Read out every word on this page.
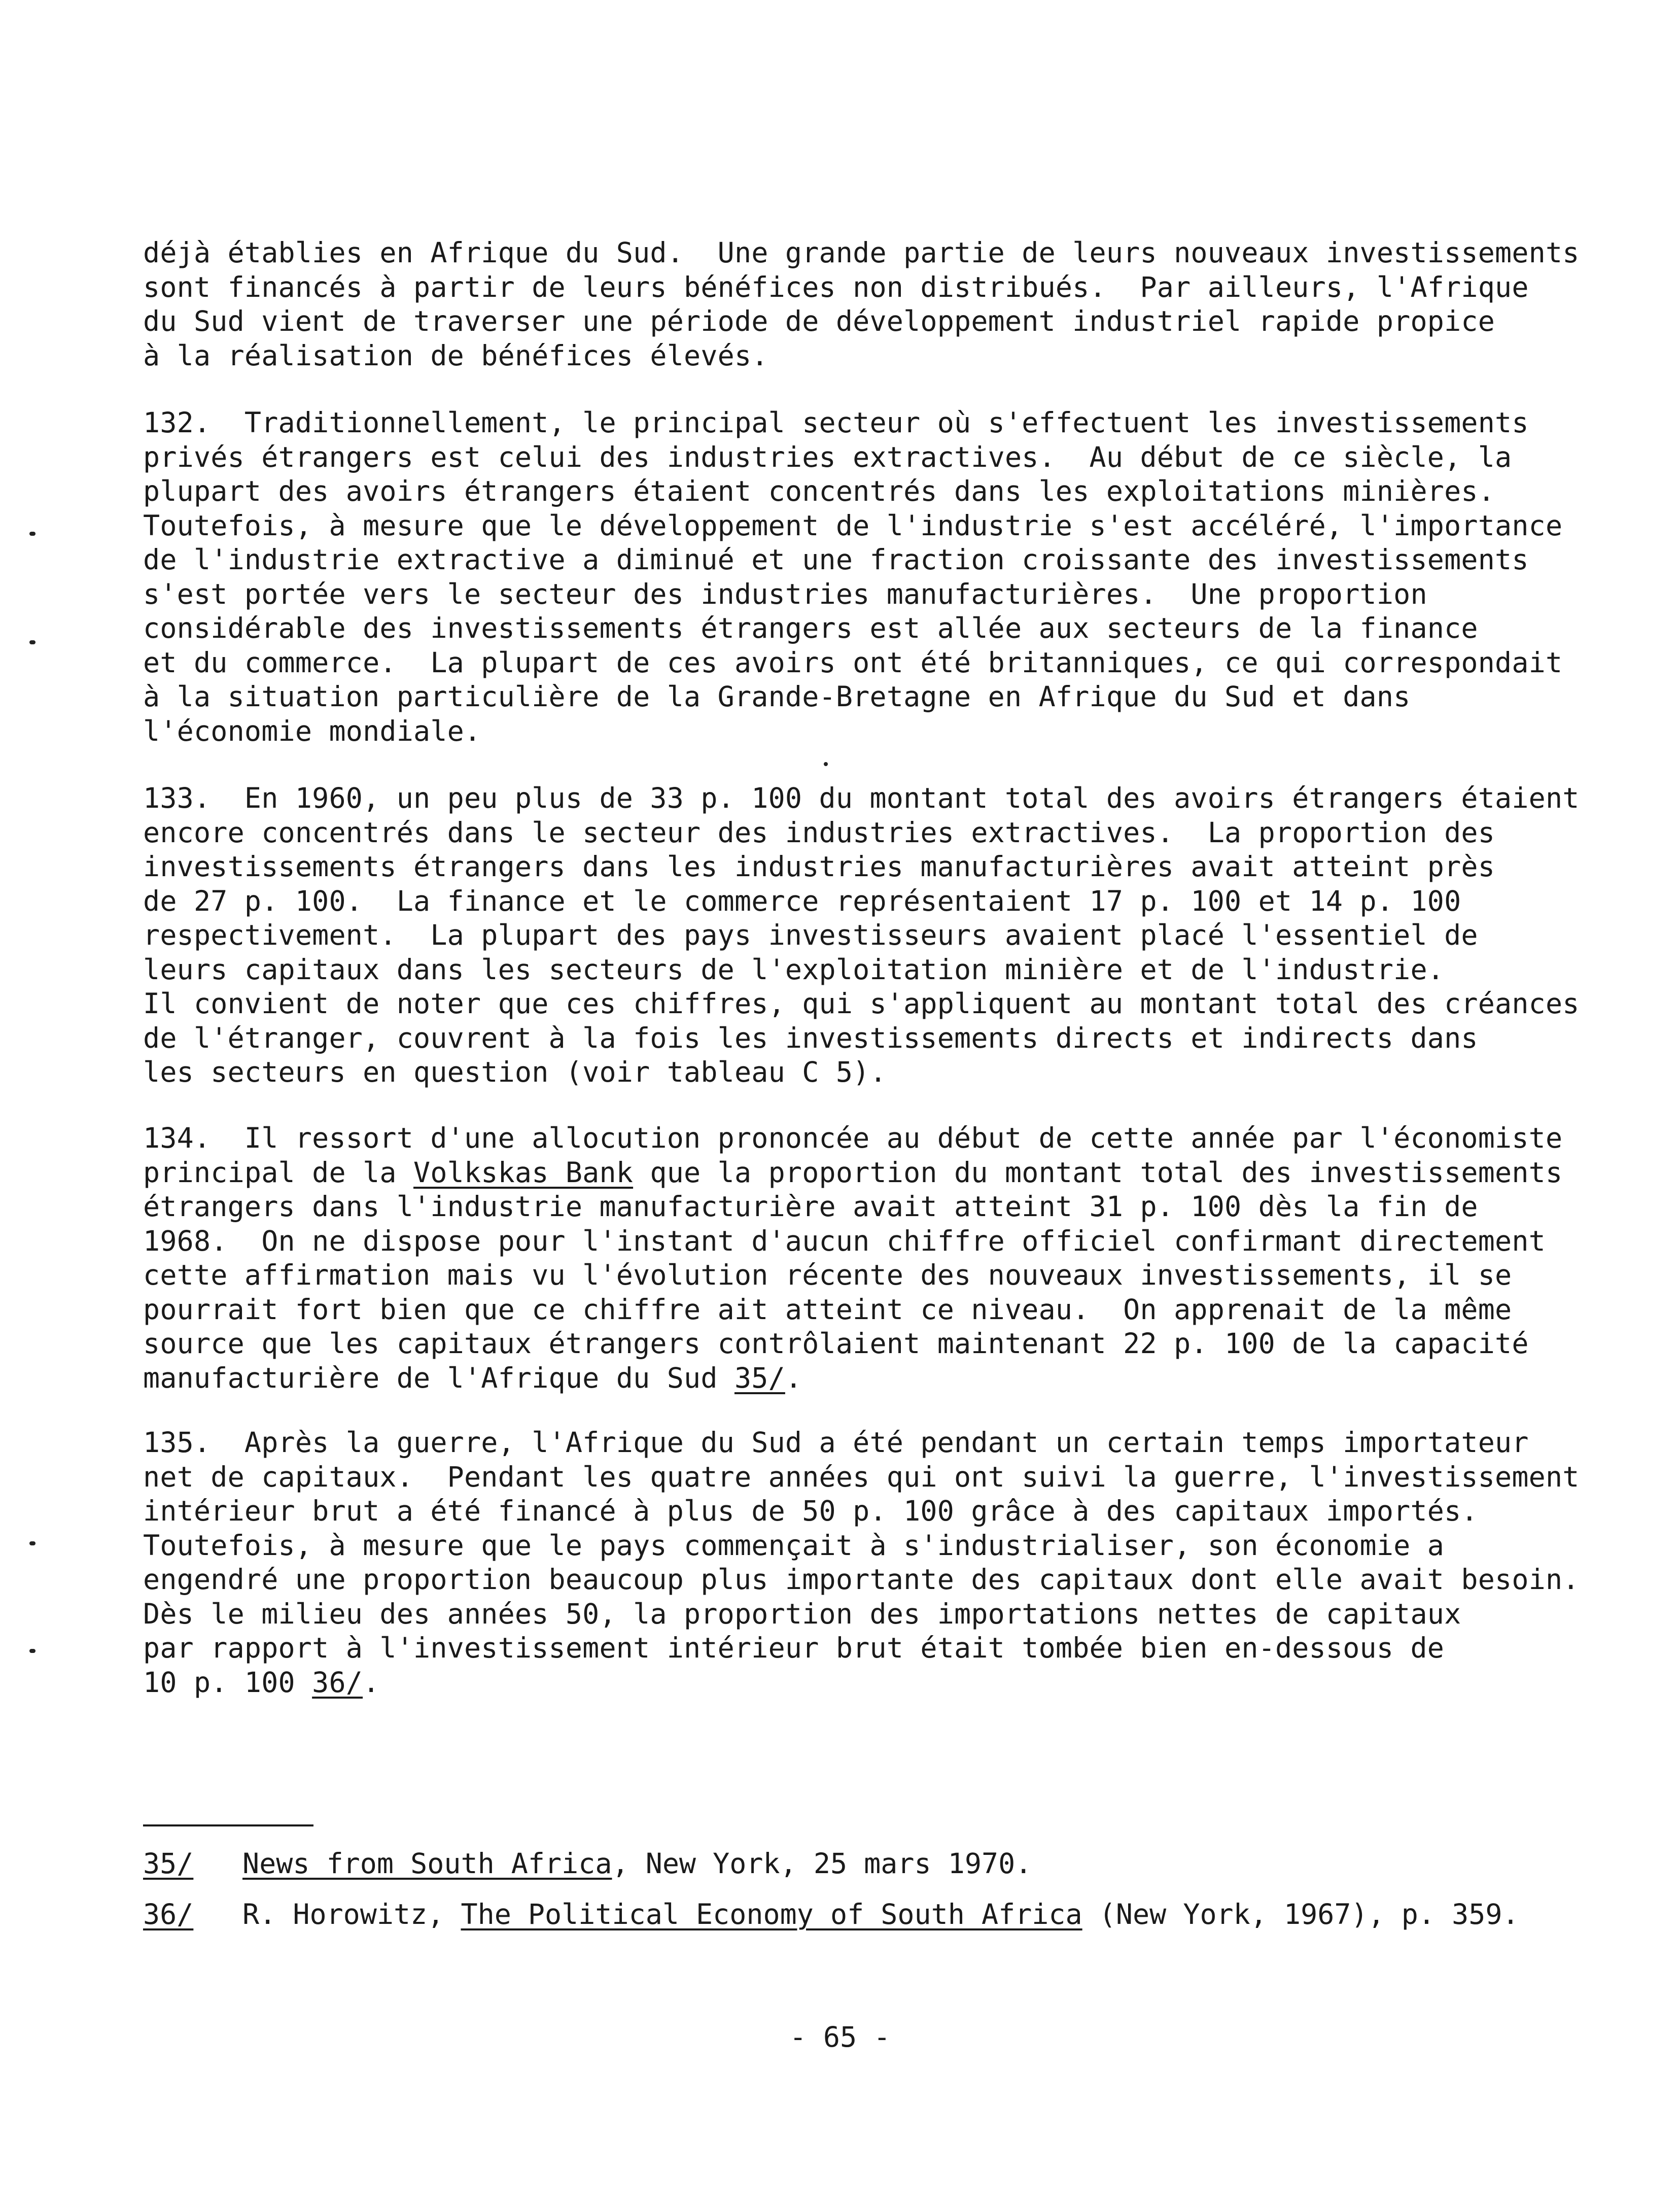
déjà établies en Afrique du Sud.  Une grande partie de leurs nouveaux investissements
sont financés à partir de leurs bénéfices non distribués.  Par ailleurs, l'Afrique
du Sud vient de traverser une période de développement industriel rapide propice
à la réalisation de bénéfices élevés.
132.  Traditionnellement, le principal secteur où s'effectuent les investissements
privés étrangers est celui des industries extractives.  Au début de ce siècle, la
plupart des avoirs étrangers étaient concentrés dans les exploitations minières.
Toutefois, à mesure que le développement de l'industrie s'est accéléré, l'importance
de l'industrie extractive a diminué et une fraction croissante des investissements
s'est portée vers le secteur des industries manufacturières.  Une proportion
considérable des investissements étrangers est allée aux secteurs de la finance
et du commerce.  La plupart de ces avoirs ont été britanniques, ce qui correspondait
à la situation particulière de la Grande-Bretagne en Afrique du Sud et dans
l'économie mondiale.
133.  En 1960, un peu plus de 33 p. 100 du montant total des avoirs étrangers étaient
encore concentrés dans le secteur des industries extractives.  La proportion des
investissements étrangers dans les industries manufacturières avait atteint près
de 27 p. 100.  La finance et le commerce représentaient 17 p. 100 et 14 p. 100
respectivement.  La plupart des pays investisseurs avaient placé l'essentiel de
leurs capitaux dans les secteurs de l'exploitation minière et de l'industrie.
Il convient de noter que ces chiffres, qui s'appliquent au montant total des créances
de l'étranger, couvrent à la fois les investissements directs et indirects dans
les secteurs en question (voir tableau C 5).
134.  Il ressort d'une allocution prononcée au début de cette année par l'économiste
principal de la Volkskas Bank que la proportion du montant total des investissements
étrangers dans l'industrie manufacturière avait atteint 31 p. 100 dès la fin de
1968.  On ne dispose pour l'instant d'aucun chiffre officiel confirmant directement
cette affirmation mais vu l'évolution récente des nouveaux investissements, il se
pourrait fort bien que ce chiffre ait atteint ce niveau.  On apprenait de la même
source que les capitaux étrangers contrôlaient maintenant 22 p. 100 de la capacité
manufacturière de l'Afrique du Sud 35/.
135.  Après la guerre, l'Afrique du Sud a été pendant un certain temps importateur
net de capitaux.  Pendant les quatre années qui ont suivi la guerre, l'investissement
intérieur brut a été financé à plus de 50 p. 100 grâce à des capitaux importés.
Toutefois, à mesure que le pays commençait à s'industrialiser, son économie a
engendré une proportion beaucoup plus importante des capitaux dont elle avait besoin.
Dès le milieu des années 50, la proportion des importations nettes de capitaux
par rapport à l'investissement intérieur brut était tombée bien en-dessous de
10 p. 100 36/.

35/

News from South Africa, New York, 25 mars 1970.

36/

R. Horowitz, The Political Economy of South Africa (New York, 1967), p. 359.

- 65 -
